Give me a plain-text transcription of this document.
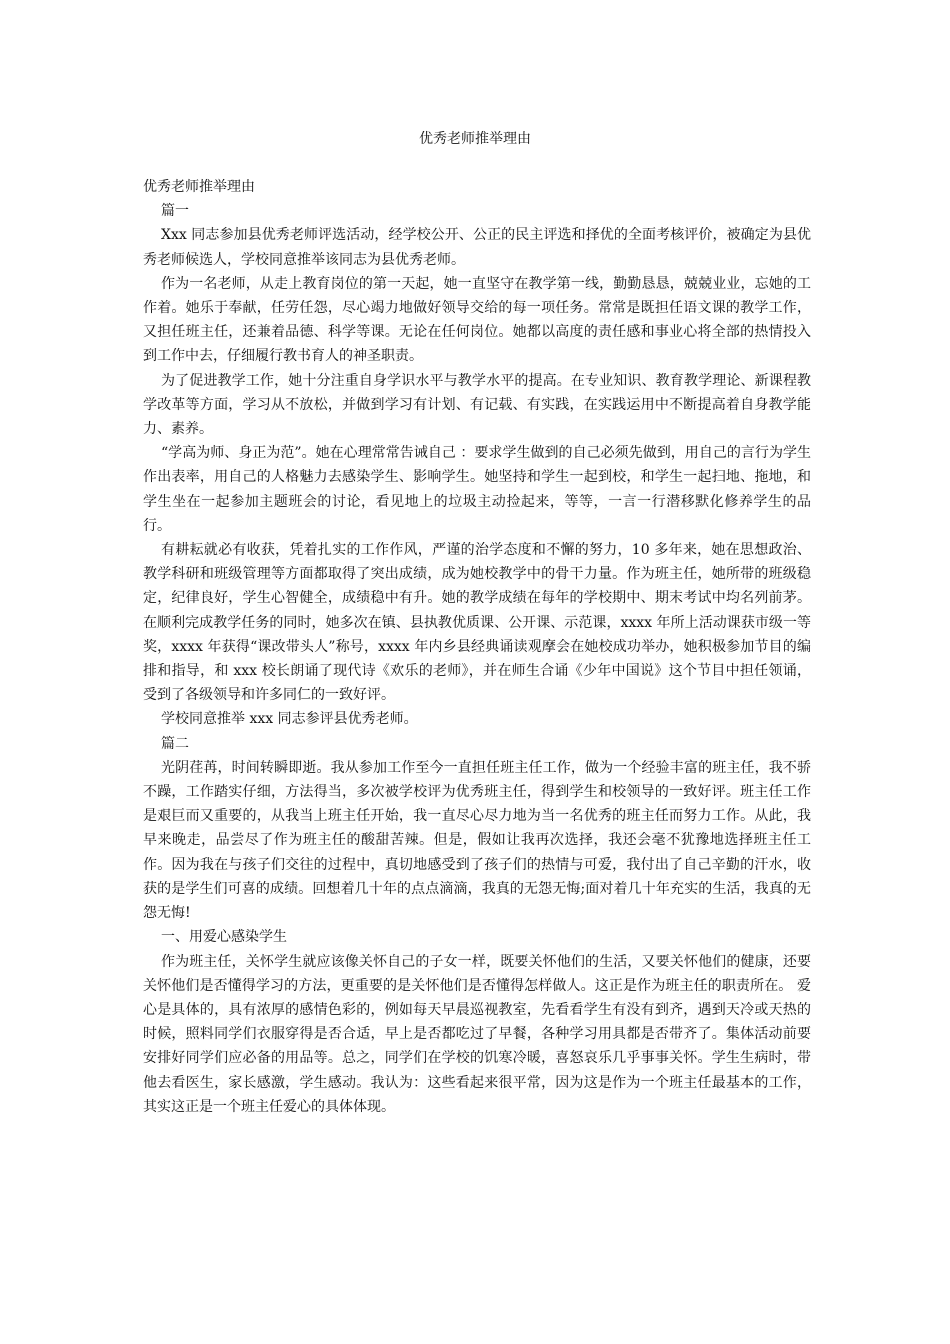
优秀老师推举理由

优秀老师推举理由

篇一

Xxx 同志参加县优秀老师评选活动，经学校公开、公正的民主评选和择优的全面考核评价，被确定为县优秀老师候选人，学校同意推举该同志为县优秀老师。

作为一名老师，从走上教育岗位的第一天起，她一直坚守在教学第一线，勤勤恳恳，兢兢业业，忘她的工作着。她乐于奉献，任劳任怨，尽心竭力地做好领导交给的每一项任务。常常是既担任语文课的教学工作，又担任班主任，还兼着品德、科学等课。无论在任何岗位。她都以高度的责任感和事业心将全部的热情投入到工作中去，仔细履行教书育人的神圣职责。

为了促进教学工作，她十分注重自身学识水平与教学水平的提高。在专业知识、教育教学理论、新课程教学改革等方面，学习从不放松，并做到学习有计划、有记载、有实践，在实践运用中不断提高着自身教学能力、素养。

“学高为师、身正为范”。她在心理常常告诫自己 ：要求学生做到的自己必须先做到，用自己的言行为学生作出表率，用自己的人格魅力去感染学生、影响学生。她坚持和学生一起到校，和学生一起扫地、拖地，和学生坐在一起参加主题班会的讨论，看见地上的垃圾主动捡起来，等等，一言一行潜移默化修养学生的品行。

有耕耘就必有收获，凭着扎实的工作作风，严谨的治学态度和不懈的努力，10 多年来，她在思想政治、教学科研和班级管理等方面都取得了突出成绩，成为她校教学中的骨干力量。作为班主任，她所带的班级稳定，纪律良好，学生心智健全，成绩稳中有升。她的教学成绩在每年的学校期中、期末考试中均名列前茅。在顺利完成教学任务的同时，她多次在镇、县执教优质课、公开课、示范课，xxxx 年所上活动课获市级一等奖，xxxx 年获得“课改带头人”称号，xxxx 年内乡县经典诵读观摩会在她校成功举办，她积极参加节目的编排和指导，和 xxx 校长朗诵了现代诗《欢乐的老师》，并在师生合诵《少年中国说》这个节目中担任领诵，受到了各级领导和许多同仁的一致好评。

学校同意推举 xxx 同志参评县优秀老师。

篇二

光阴荏苒，时间转瞬即逝。我从参加工作至今一直担任班主任工作，做为一个经验丰富的班主任，我不骄不躁，工作踏实仔细，方法得当，多次被学校评为优秀班主任，得到学生和校领导的一致好评。班主任工作是艰巨而又重要的，从我当上班主任开始，我一直尽心尽力地为当一名优秀的班主任而努力工作。从此，我早来晚走，品尝尽了作为班主任的酸甜苦辣。但是，假如让我再次选择，我还会毫不犹豫地选择班主任工作。因为我在与孩子们交往的过程中，真切地感受到了孩子们的热情与可爱，我付出了自己辛勤的汗水，收获的是学生们可喜的成绩。回想着几十年的点点滴滴，我真的无怨无悔;面对着几十年充实的生活，我真的无怨无悔!

一、用爱心感染学生

作为班主任，关怀学生就应该像关怀自己的子女一样，既要关怀他们的生活，又要关怀他们的健康，还要关怀他们是否懂得学习的方法，更重要的是关怀他们是否懂得怎样做人。这正是作为班主任的职责所在。 爱心是具体的，具有浓厚的感情色彩的，例如每天早晨巡视教室，先看看学生有没有到齐，遇到天冷或天热的时候，照料同学们衣服穿得是否合适，早上是否都吃过了早餐，各种学习用具都是否带齐了。集体活动前要安排好同学们应必备的用品等。总之，同学们在学校的饥寒冷暖，喜怒哀乐几乎事事关怀。学生生病时，带他去看医生，家长感激，学生感动。我认为：这些看起来很平常，因为这是作为一个班主任最基本的工作，其实这正是一个班主任爱心的具体体现。
